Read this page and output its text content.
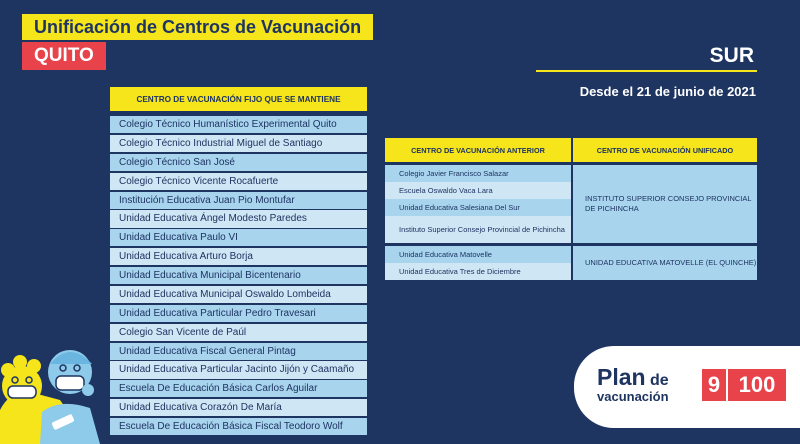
Unificación de Centros de Vacunación
QUITO	SUR
Desde el 21 de junio de 2021
CENTRO DE VACUNACIÓN FIJO QUE SE MANTIENE
Colegio Técnico Humanístico Experimental Quito
Colegio Técnico Industrial Miguel de Santiago
Colegio Técnico San José
Colegio Técnico Vicente Rocafuerte
Institución Educativa Juan Pio Montufar
Unidad Educativa Ángel Modesto Paredes
Unidad Educativa Paulo VI
Unidad Educativa Arturo Borja
Unidad Educativa Municipal Bicentenario
Unidad Educativa Municipal Oswaldo Lombeida
Unidad Educativa Particular Pedro Travesari
Colegio San Vicente de Paúl
Unidad Educativa Fiscal General Pintag
Unidad Educativa Particular Jacinto Jijón y Caamaño
Escuela De Educación Básica Carlos Aguilar
Unidad Educativa Corazón De María
Escuela De Educación Básica Fiscal Teodoro Wolf
CENTRO DE VACUNACIÓN ANTERIOR	CENTRO DE VACUNACIÓN UNIFICADO
Colegio Javier Francisco Salazar
Escuela Oswaldo Vaca Lara
Unidad Educativa Salesiana Del Sur
Instituto Superior Consejo Provincial de Pichincha
INSTITUTO SUPERIOR CONSEJO PROVINCIAL DE PICHINCHA
Unidad Educativa Matovelle
Unidad Educativa Tres de Diciembre
UNIDAD EDUCATIVA MATOVELLE (EL QUINCHE)
Plan de
vacunación 9 100
